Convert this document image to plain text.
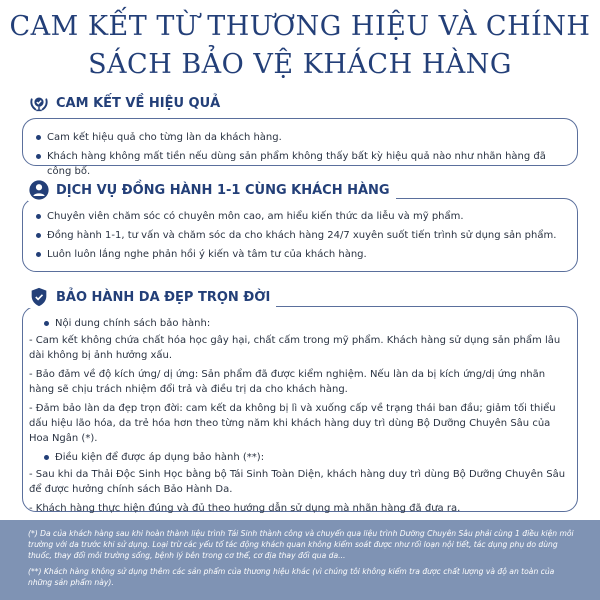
CAM KẾT TỪ THƯƠNG HIỆU VÀ CHÍNH
SÁCH BẢO VỆ KHÁCH HÀNG
Cam kết hiệu quả cho từng làn da khách hàng.
Khách hàng không mất tiền nếu dùng sản phẩm không thấy bất kỳ hiệu quả nào như nhãn hàng đã công bố.
CAM KẾT VỀ HIỆU QUẢ
Chuyên viên chăm sóc có chuyên môn cao, am hiểu kiến thức da liễu và mỹ phẩm.
Đồng hành 1-1, tư vấn và chăm sóc da cho khách hàng 24/7 xuyên suốt tiến trình sử dụng sản phẩm.
Luôn luôn lắng nghe phản hồi ý kiến và tâm tư của khách hàng.
DỊCH VỤ ĐỒNG HÀNH 1-1 CÙNG KHÁCH HÀNG
Nội dung chính sách bảo hành:

- Cam kết không chứa chất hóa học gây hại, chất cấm trong mỹ phẩm. Khách hàng sử dụng sản phẩm lâu dài không bị ảnh hưởng xấu.

- Bảo đảm về độ kích ứng/ dị ứng: Sản phẩm đã được kiểm nghiệm. Nếu làn da bị kích ứng/dị ứng nhãn hàng sẽ chịu trách nhiệm đổi trả và điều trị da cho khách hàng.

- Đảm bảo làn da đẹp trọn đời: cam kết da không bị lì và xuống cấp về trạng thái ban đầu; giảm tối thiểu dấu hiệu lão hóa, da trẻ hóa hơn theo từng năm khi khách hàng duy trì dùng Bộ Dưỡng Chuyên Sâu của Hoa Ngân (*).

Điều kiện để được áp dụng bảo hành (**):

- Sau khi da Thải Độc Sinh Học bằng bộ Tái Sinh Toàn Diện, khách hàng duy trì dùng Bộ Dưỡng Chuyên Sâu để được hưởng chính sách Bảo Hành Da.

- Khách hàng thực hiện đúng và đủ theo hướng dẫn sử dụng mà nhãn hàng đã đưa ra.

BẢO HÀNH DA ĐẸP TRỌN ĐỜI

(*) Da của khách hàng sau khi hoàn thành liệu trình Tái Sinh thành công và chuyển qua liệu trình Dưỡng Chuyên Sâu phải cùng 1 điều kiện môi trường với da trước khi sử dụng. Loại trừ các yếu tố tác động khách quan không kiểm soát được như rối loạn nội tiết, tác dụng phụ do dùng thuốc, thay đổi môi trường sống, bệnh lý bên trong cơ thể, cơ địa thay đổi qua da...

(**) Khách hàng không sử dụng thêm các sản phẩm của thương hiệu khác (vì chúng tôi không kiểm tra được chất lượng và độ an toàn của những sản phẩm này).
